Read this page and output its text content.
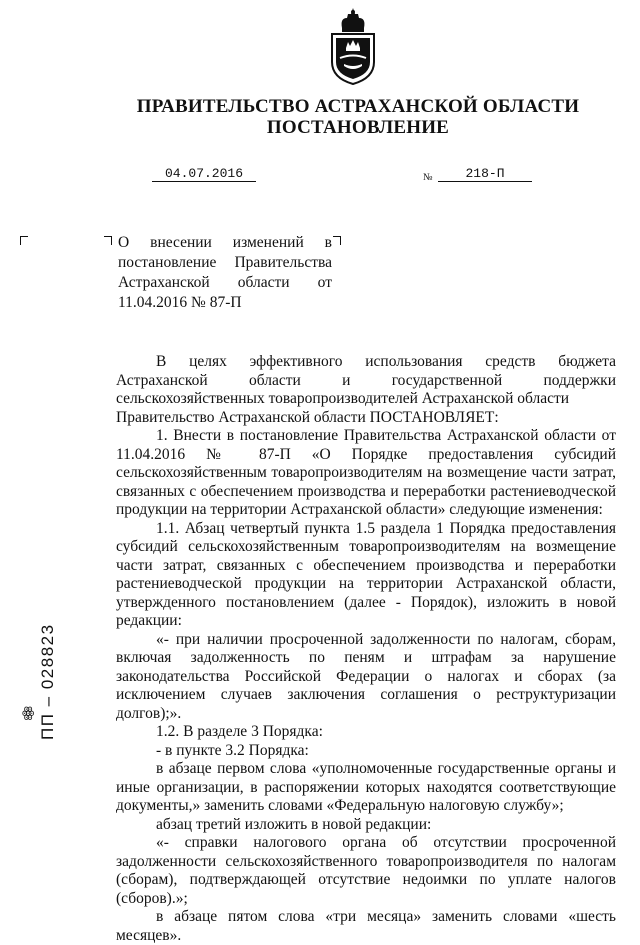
ПРАВИТЕЛЬСТВО АСТРАХАНСКОЙ ОБЛАСТИ
ПОСТАНОВЛЕНИЕ
04.07.2016	№	218-П

О внесении изменений в постановление Правительства Астраханской области от 11.04.2016 № 87-П

В целях эффективного использования средств бюджета Астраханской области и государственной поддержки сельскохозяйственных товаропроизводителей Астраханской области

Правительство Астраханской области ПОСТАНОВЛЯЕТ:

1. Внести в постановление Правительства Астраханской области от 11.04.2016 № 87-П «О Порядке предоставления субсидий сельскохозяйственным товаропроизводителям на возмещение части затрат, связанных с обеспечением производства и переработки растениеводческой продукции на территории Астраханской области» следующие изменения:

1.1. Абзац четвертый пункта 1.5 раздела 1 Порядка предоставления субсидий сельскохозяйственным товаропроизводителям на возмещение части затрат, связанных с обеспечением производства и переработки растениеводческой продукции на территории Астраханской области, утвержденного постановлением (далее - Порядок), изложить в новой редакции:

«- при наличии просроченной задолженности по налогам, сборам, включая задолженность по пеням и штрафам за нарушение законодательства Российской Федерации о налогах и сборах (за исключением случаев заключения соглашения о реструктуризации долгов);».

1.2. В разделе 3 Порядка:

- в пункте 3.2 Порядка:

в абзаце первом слова «уполномоченные государственные органы и иные организации, в распоряжении которых находятся соответствующие документы,» заменить словами «Федеральную налоговую службу»;

абзац третий изложить в новой редакции:

«- справки налогового органа об отсутствии просроченной задолженности сельскохозяйственного товаропроизводителя по налогам (сборам), подтверждающей отсутствие недоимки по уплате налогов (сборов).»;

в абзаце пятом слова «три месяца» заменить словами «шесть месяцев».

ꙮ ПП – 028823
